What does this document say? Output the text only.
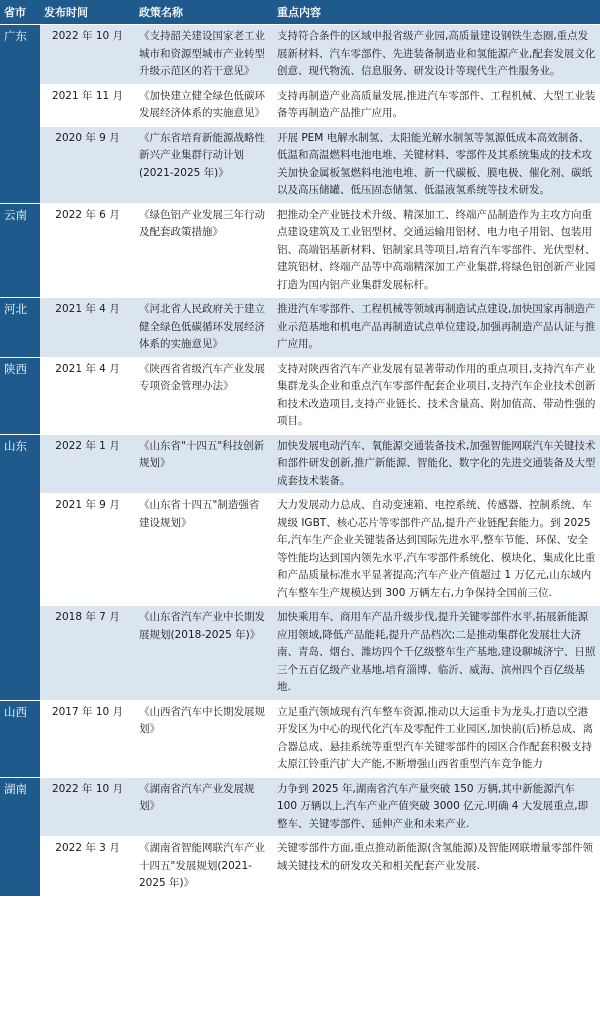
省市	发布时间	政策名称	重点内容
广东	2022 年 10 月	《支持韶关建设国家老工业城市和资源型城市产业转型升级示范区的若干意见》	支持符合条件的区域申报省级产业园,高质量建设钢铁生态圈,重点发展新材料、汽车零部件、先进装备制造业和氢能源产业,配套发展文化创意、现代物流、信息服务、研发设计等现代生产性服务业。
	2021 年 11 月	《加快建立健全绿色低碳环发展经济体系的实施意见》	支持再制造产业高质量发展,推进汽车零部件、工程机械、大型工业装备等再制造产品推广应用。
	2020 年 9 月	《广东省培育新能源战略性新兴产业集群行动计划(2021-2025 年)》	开展 PEM 电解水制氢、太阳能光解水制氢等氢源低成本高效制备、低温和高温燃料电池电堆、关键材料、零部件及其系统集成的技术攻关加快金属板氢燃料电池电堆、新一代碳板、膜电极、催化剂、碳纸以及高压储罐、低压固态储氢、低温液氢系统等技术研发。
云南	2022 年 6 月	《绿色铝产业发展三年行动及配套政策措施》	把推动全产业链技术升级、精深加工、终端产品制造作为主攻方向重点建设建筑及工业铝型材、交通运输用铝材、电力电子用铝、包装用铝、高端铝基新材料、铝制家具等项目,培育汽车零部件、光伏型材、建筑铝材、终端产品等中高端精深加工产业集群,将绿色铝创新产业园打造为国内铝产业集群发展标杆。
河北	2021 年 4 月	《河北省人民政府关于建立健全绿色低碳循环发展经济体系的实施意见》	推进汽车零部件、工程机械等领域再制造试点建设,加快国家再制造产业示范基地和机电产品再制造试点单位建设,加强再制造产品认证与推广应用。
陕西	2021 年 4 月	《陕西省省级汽车产业发展专项资金管理办法》	支持对陕西省汽车产业发展有显著带动作用的重点项目,支持汽车产业集群龙头企业和重点汽车零部件配套企业项目,支持汽车企业技术创新和技术改造项目,支持产业链长、技术含量高、附加值高、带动性强的项目。
山东	2022 年 1 月	《山东省"十四五"科技创新规划》	加快发展电动汽车、氧能源交通装备技术,加强智能网联汽车关键技术和部件研发创新,推广新能源、智能化、数字化的先进交通装备及大型成套技术装备。
	2021 年 9 月	《山东省十四五"制造强省建设规划》	大力发展动力总成、自动变速箱、电控系统、传感器、控制系统、车规级 IGBT、核心芯片等零部件产品,提升产业链配套能力。到 2025 年,汽车生产企业关键装备达到国际先进水平,整车节能、环保、安全等性能均达到国内领先水平,汽车零部件系统化、模块化、集成化比重和产品质量标准水平显著提高;汽车产业产值超过 1 万亿元,山东域内汽车整车生产规模达到 300 万辆左右,力争保持全国前三位.
	2018 年 7 月	《山东省汽车产业中长期发展规划(2018-2025 年)》	加快乘用车、商用车产品升级步伐,提升关键零部件水平,拓展新能源应用领域,降低产品能耗,提升产品档次;二是推动集群化发展壮大济南、青岛、烟台、潍坊四个千亿级整车生产基地,建设聊城济宁、日照三个五百亿级产业基地,培育淄博、临沂、威海、滨州四个百亿级基地.
山西	2017 年 10 月	《山西省汽车中长期发展规划》	立足重汽领域现有汽车整车资源,推动以大运重卡为龙头,打造以空港开发区为中心的现代化汽车及零配件工业园区,加快前(后)桥总成、离合器总成、悬挂系统等重型汽车关键零部件的园区合作配套积极支持太原江铃重汽扩大产能,不断增强山西省重型汽车竞争能力
湖南	2022 年 10 月	《湖南省汽车产业发展规划》	力争到 2025 年,湖南省汽车产量突破 150 万辆,其中新能源汽车 100 万辆以上,汽车产业产值突破 3000 亿元.明确 4 大发展重点,即整车、关键零部件、延伸产业和未来产业.
	2022 年 3 月	《湖南省智能网联汽车产业十四五"发展规划(2021-2025 年)》	关键零部件方面,重点推动新能源(含氢能源)及智能网联增量零部件领域关键技术的研发攻关和相关配套产业发展.
